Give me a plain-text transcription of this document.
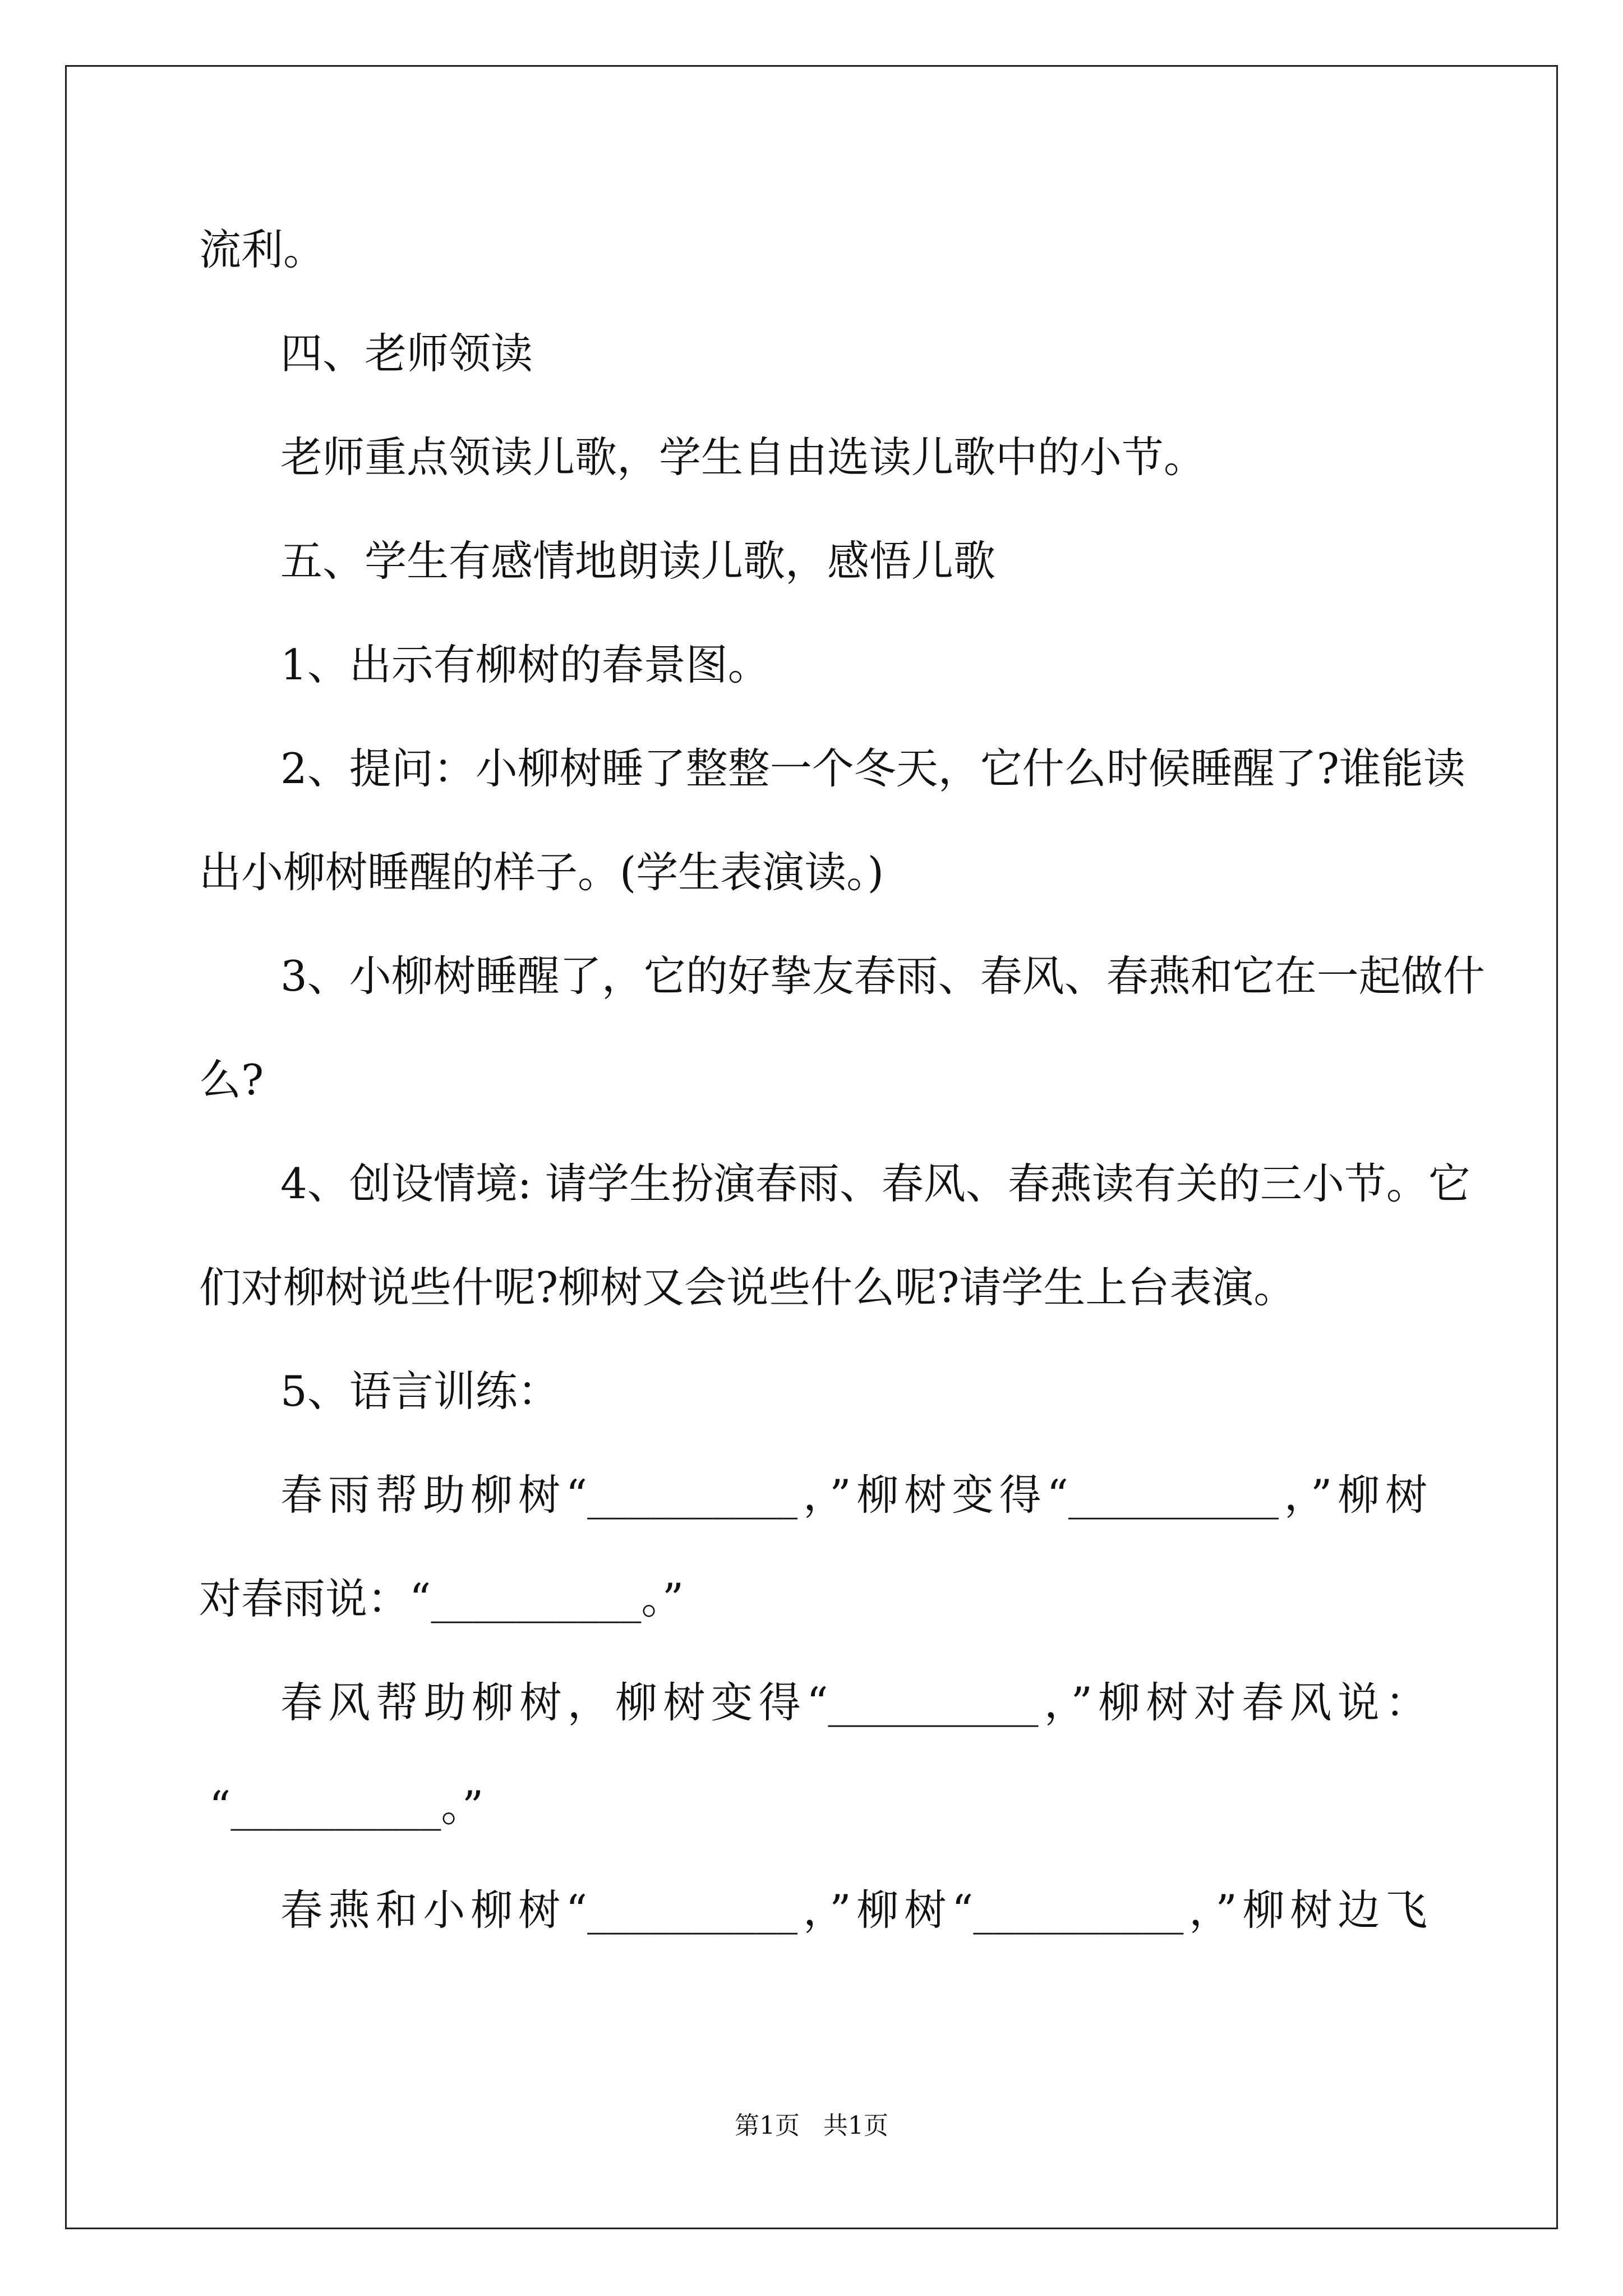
流利。
四、老师领读
老师重点领读儿歌，学生自由选读儿歌中的小节。
五、学生有感情地朗读儿歌，感悟儿歌
1、出示有柳树的春景图。
2、提问：小柳树睡了整整一个冬天，它什么时候睡醒了?谁能读
出小柳树睡醒的样子。(学生表演读。)
3、小柳树睡醒了，它的好挚友春雨、春风、春燕和它在一起做什
么?
4、创设情境: 请学生扮演春雨、春风、春燕读有关的三小节。它
们对柳树说些什呢?柳树又会说些什么呢?请学生上台表演。
5、语言训练：
春雨帮助柳树“__________，”柳树变得“__________，”柳树
对春雨说：“__________。”
春风帮助柳树，柳树变得“__________，”柳树对春风说：
“__________。”
春燕和小柳树“__________，”柳树“__________，”柳树边飞
第1页   共1页
